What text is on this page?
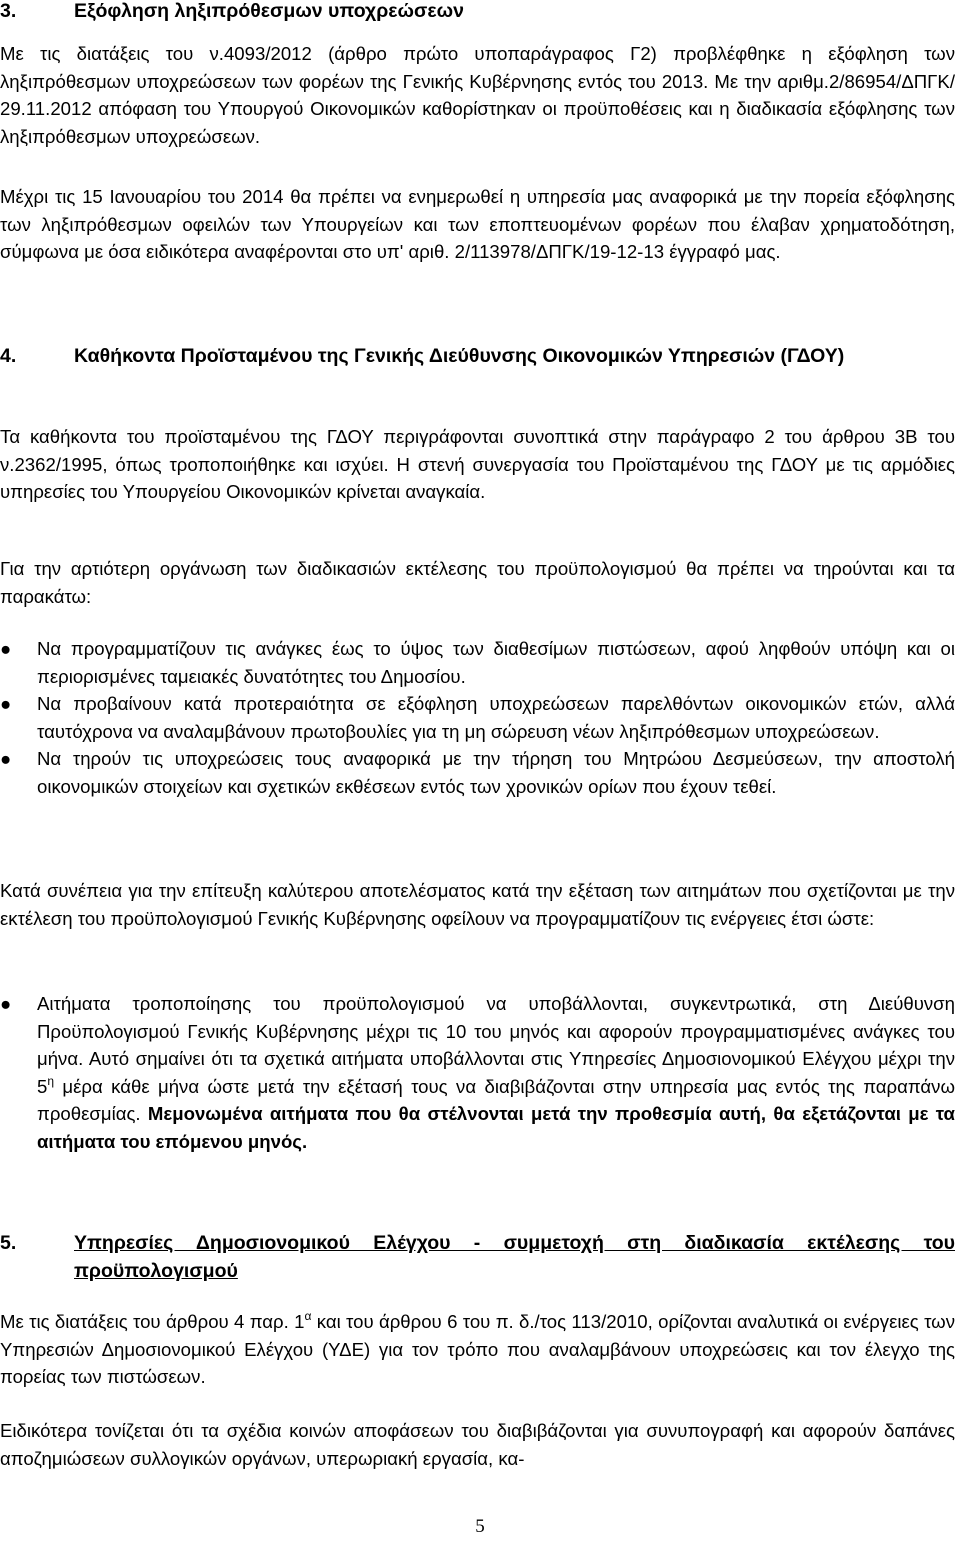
3.	Εξόφληση ληξιπρόθεσμων υποχρεώσεων

Με τις διατάξεις του ν.4093/2012 (άρθρο πρώτο υποπαράγραφος Γ2) προβλέφθηκε η εξόφληση των ληξιπρόθεσμων υποχρεώσεων των φορέων της Γενικής Κυβέρνησης εντός του 2013. Με την αριθμ.2/86954/ΔΠΓΚ/ 29.11.2012 απόφαση του Υπουργού Οικονομικών καθορίστηκαν οι προϋποθέσεις και η διαδικασία εξόφλησης των ληξιπρόθεσμων υποχρεώσεων.

Μέχρι τις 15 Ιανουαρίου του 2014 θα πρέπει να ενημερωθεί η υπηρεσία μας αναφορικά με την πορεία εξόφλησης των ληξιπρόθεσμων οφειλών των Υπουργείων και των εποπτευομένων φορέων που έλαβαν χρηματοδότηση, σύμφωνα με όσα ειδικότερα αναφέρονται στο υπ' αριθ. 2/113978/ΔΠΓΚ/19-12-13 έγγραφό μας.

4.	Καθήκοντα Προϊσταμένου της Γενικής Διεύθυνσης Οικονομικών Υπηρεσιών (ΓΔΟΥ)

Τα καθήκοντα του προϊσταμένου της ΓΔΟΥ περιγράφονται συνοπτικά στην παράγραφο 2 του άρθρου 3Β του ν.2362/1995, όπως τροποποιήθηκε και ισχύει. Η στενή συνεργασία του Προϊσταμένου της ΓΔΟΥ με τις αρμόδιες υπηρεσίες του Υπουργείου Οικονομικών κρίνεται αναγκαία.

Για την αρτιότερη οργάνωση των διαδικασιών εκτέλεσης του προϋπολογισμού θα πρέπει να τηρούνται και τα παρακάτω:

● Να προγραμματίζουν τις ανάγκες έως το ύψος των διαθεσίμων πιστώσεων, αφού ληφθούν υπόψη και οι περιορισμένες ταμειακές δυνατότητες του Δημοσίου.
● Να προβαίνουν κατά προτεραιότητα σε εξόφληση υποχρεώσεων παρελθόντων οικονομικών ετών, αλλά ταυτόχρονα να αναλαμβάνουν πρωτοβουλίες για τη μη σώρευση νέων ληξιπρόθεσμων υποχρεώσεων.
● Να τηρούν τις υποχρεώσεις τους αναφορικά με την τήρηση του Μητρώου Δεσμεύσεων, την αποστολή οικονομικών στοιχείων και σχετικών εκθέσεων εντός των χρονικών ορίων που έχουν τεθεί.

Κατά συνέπεια για την επίτευξη καλύτερου αποτελέσματος κατά την εξέταση των αιτημάτων που σχετίζονται με την εκτέλεση του προϋπολογισμού Γενικής Κυβέρνησης οφείλουν να προγραμματίζουν τις ενέργειες έτσι ώστε:

● Αιτήματα τροποποίησης του προϋπολογισμού να υποβάλλονται, συγκεντρωτικά, στη Διεύθυνση Προϋπολογισμού Γενικής Κυβέρνησης μέχρι τις 10 του μηνός και αφορούν προγραμματισμένες ανάγκες του μήνα. Αυτό σημαίνει ότι τα σχετικά αιτήματα υποβάλλονται στις Υπηρεσίες Δημοσιονομικού Ελέγχου μέχρι την $5^\eta$ μέρα κάθε μήνα ώστε μετά την εξέτασή τους να διαβιβάζονται στην υπηρεσία μας εντός της παραπάνω προθεσμίας. Μεμονωμένα αιτήματα που θα στέλνονται μετά την προθεσμία αυτή, θα εξετάζονται με τα αιτήματα του επόμενου μηνός.
5.	Υπηρεσίες Δημοσιονομικού Ελέγχου - συμμετοχή στη διαδικασία εκτέλεσης του προϋπολογισμού

Με τις διατάξεις του άρθρου 4 παρ. $1^\alpha$ και του άρθρου 6 του π. δ./τος 113/2010, ορίζονται αναλυτικά οι ενέργειες των Υπηρεσιών Δημοσιονομικού Ελέγχου (ΥΔΕ) για τον τρόπο που αναλαμβάνουν υποχρεώσεις και τον έλεγχο της πορείας των πιστώσεων.

Ειδικότερα τονίζεται ότι τα σχέδια κοινών αποφάσεων του διαβιβάζονται για συνυπογραφή και αφορούν δαπάνες αποζημιώσεων συλλογικών οργάνων, υπερωριακή εργασία, κα-

5
